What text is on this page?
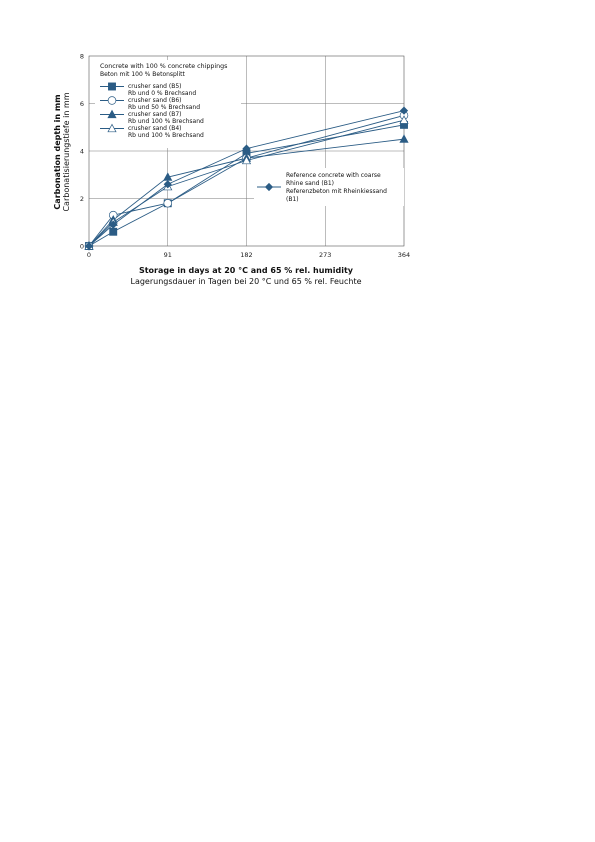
0	91	182	273	364
0
2
4
6
8
Concrete with 100 % concrete chippings
Beton mit 100 % Betonsplitt
crusher sand (B5)
Rb und 0 % Brechsand
crusher sand (B6)
Rb und 50 % Brechsand
crusher sand (B7)
Rb und 100 % Brechsand
crusher sand (B4)
Rb und 100 % Brechsand
Reference concrete with coarse
Rhine sand (B1)
Referenzbeton mit Rheinkiessand
(B1)
Carbonation depth in mm Carbonatisierungstiefe in mm
Storage in days at 20 °C and 65 % rel. humidity
Lagerungsdauer in Tagen bei 20 °C und 65 % rel. Feuchte
